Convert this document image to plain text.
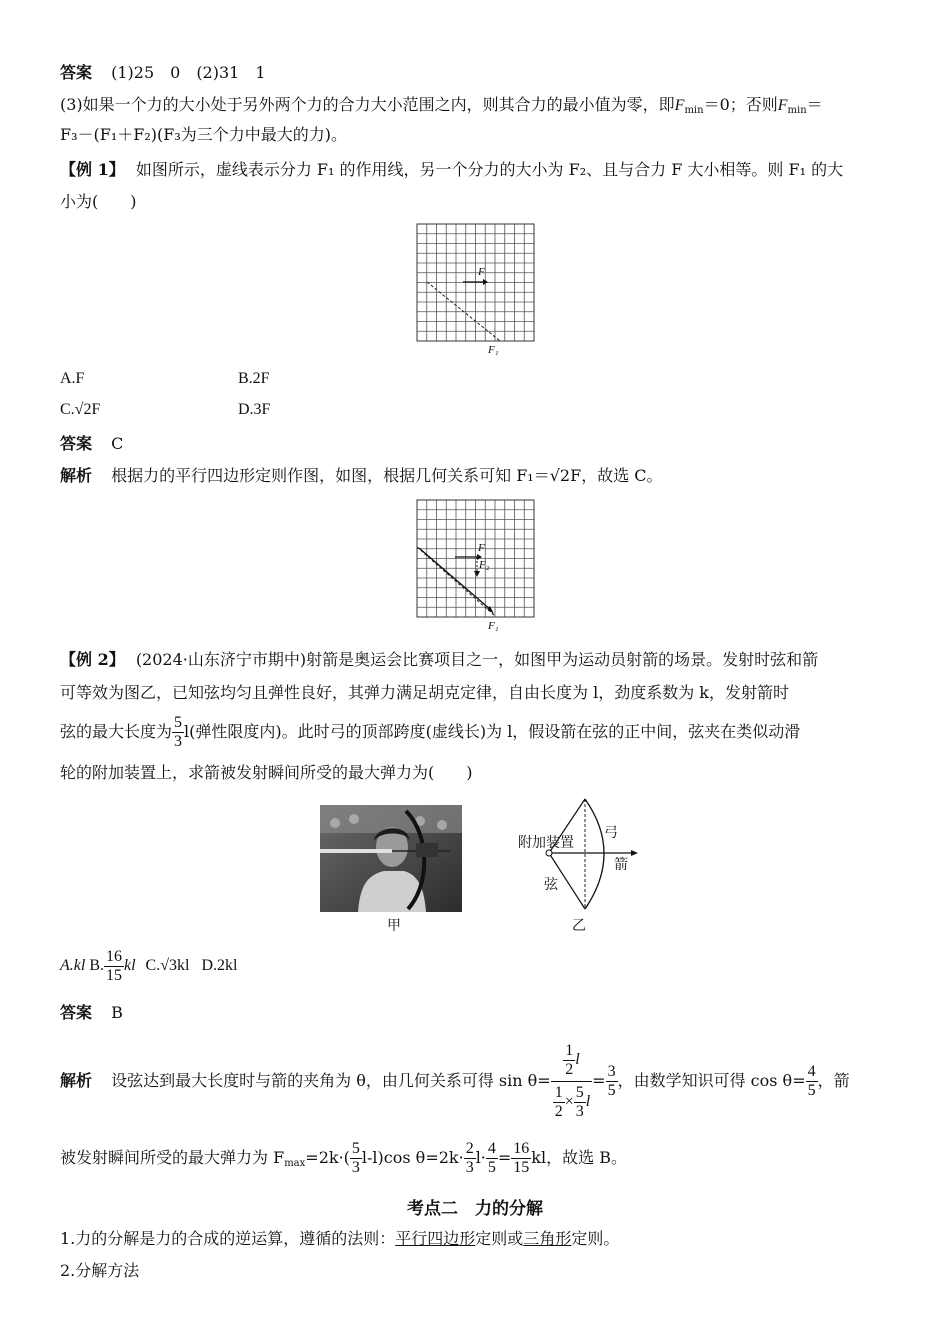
答案 (1)25　0　(2)31　1
(3)如果一个力的大小处于另外两个力的合力大小范围之内，则其合力的最小值为零，即$F_{min}=0$；否则$F_{min}=$
F₃－(F₁＋F₂)(F₃为三个力中最大的力)。
【例 1】 如图所示，虚线表示分力 F₁ 的作用线，另一个分力的大小为 F₂、且与合力 F 大小相等。则 F₁ 的大
小为(　　)
F
F₁
A.F	B.2F
C.√2F	D.3F
答案 C
解析 根据力的平行四边形定则作图，如图，根据几何关系可知 F₁＝√2F，故选 C。
F
F₂
F₁
【例 2】 (2024·山东济宁市期中)射箭是奥运会比赛项目之一，如图甲为运动员射箭的场景。发射时弦和箭
可等效为图乙，已知弦均匀且弹性良好，其弹力满足胡克定律，自由长度为 l，劲度系数为 k，发射箭时
弦的最大长度为 $\frac{5}{3} l$(弹性限度内)。此时弓的顶部跨度(虚线长)为 l，假设箭在弦的正中间，弦夹在类似动滑
轮的附加装置上，求箭被发射瞬间所受的最大弹力为(　　)
甲
附加装置
弓
箭
弦
乙
A.kl B. $\frac{16}{15}$ kl C.√3kl D.2kl
答案 B
解析 设弦达到最大长度时与箭的夹角为 θ，由几何关系可得 $\sin \theta= \frac{\frac{1}{2} l}{\frac{1}{2} \times \frac{5}{3} l} = \frac{3}{5}$ ，由数学知识可得 $\cos \theta= \frac{4}{5}$ ，箭
被发射瞬间所受的最大弹力为 $F_{max}=2k\cdot( \frac{5}{3} l-l)\cos$ $\theta=2k\cdot \frac{2}{3} l\cdot \frac{4}{5} = \frac{16}{15}$ kl，故选 B。
考点二　力的分解
1.力的分解是力的合成的逆运算，遵循的法则：平行四边形定则或三角形定则。
2.分解方法
